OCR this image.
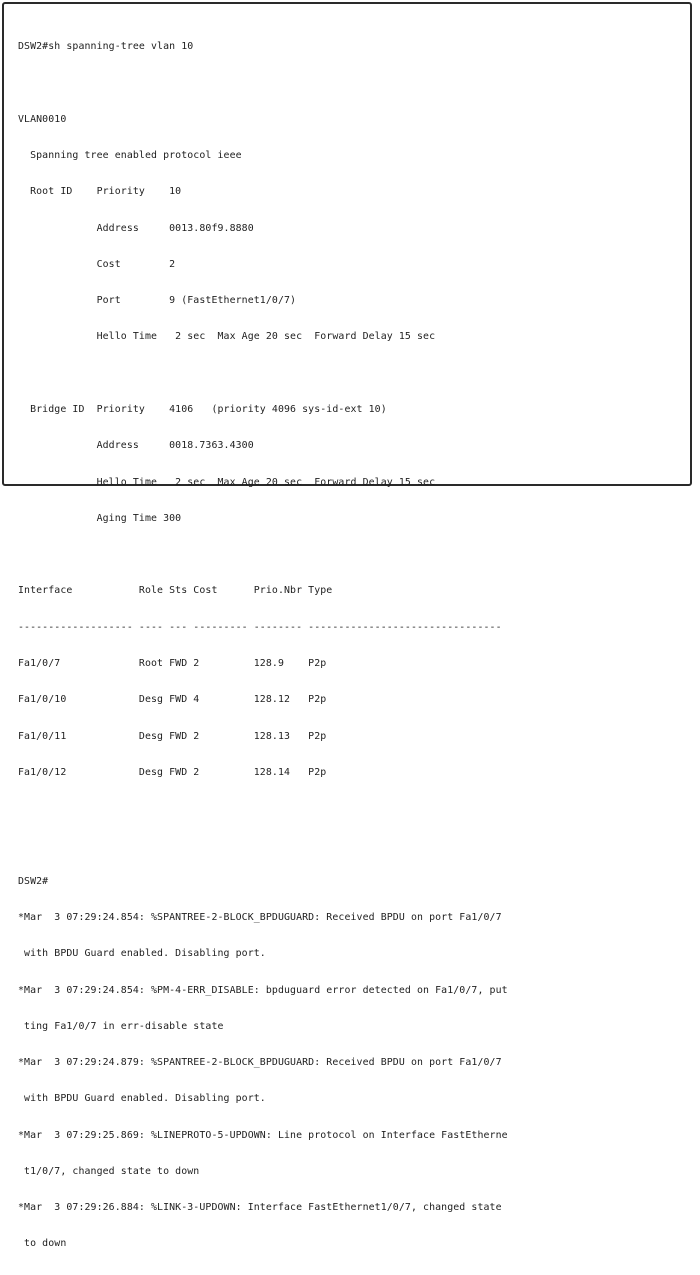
DSW2#sh spanning-tree vlan 10

VLAN0010

Spanning tree enabled protocol ieee

Root ID    Priority    10

Address     0013.80f9.8880

Cost        2

Port        9 (FastEthernet1/0/7)

Hello Time   2 sec  Max Age 20 sec  Forward Delay 15 sec

Bridge ID  Priority    4106   (priority 4096 sys-id-ext 10)

Address     0018.7363.4300

Hello Time   2 sec  Max Age 20 sec  Forward Delay 15 sec

Aging Time 300

Interface           Role Sts Cost      Prio.Nbr Type

------------------- ---- --- --------- -------- --------------------------------

Fa1/0/7             Root FWD 2         128.9    P2p

Fa1/0/10            Desg FWD 4         128.12   P2p

Fa1/0/11            Desg FWD 2         128.13   P2p

Fa1/0/12            Desg FWD 2         128.14   P2p

DSW2#

*Mar  3 07:29:24.854: %SPANTREE-2-BLOCK_BPDUGUARD: Received BPDU on port Fa1/0/7

with BPDU Guard enabled. Disabling port.

*Mar  3 07:29:24.854: %PM-4-ERR_DISABLE: bpduguard error detected on Fa1/0/7, put

ting Fa1/0/7 in err-disable state

*Mar  3 07:29:24.879: %SPANTREE-2-BLOCK_BPDUGUARD: Received BPDU on port Fa1/0/7

with BPDU Guard enabled. Disabling port.

*Mar  3 07:29:25.869: %LINEPROTO-5-UPDOWN: Line protocol on Interface FastEtherne

t1/0/7, changed state to down

*Mar  3 07:29:26.884: %LINK-3-UPDOWN: Interface FastEthernet1/0/7, changed state

to down
